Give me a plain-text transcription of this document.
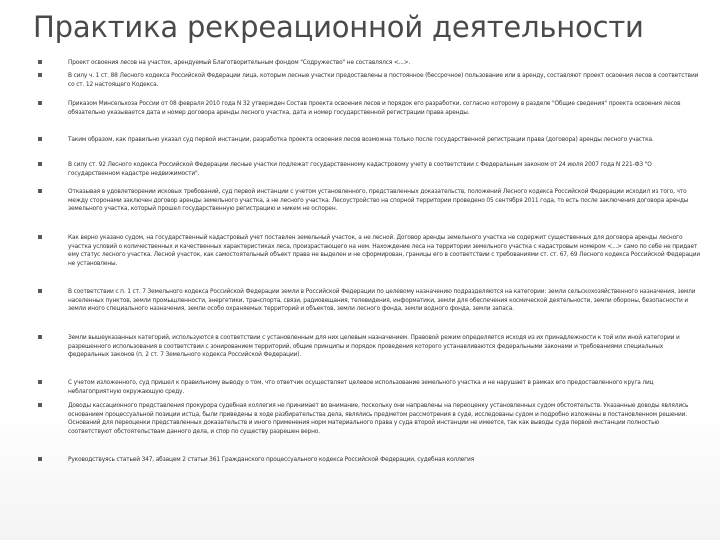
Практика рекреационной деятельности
Проект освоения лесов на участок, арендуемый Благотворительным фондом "Содружество" не составлялся <...>.
В силу ч. 1 ст. 88 Лесного кодекса Российской Федерации лица, которым лесные участки предоставлены в постоянное (бессрочное) пользование или в аренду, составляют проект освоения лесов в соответствии со ст. 12 настоящего Кодекса.
Приказом Минсельхоза России от 08 февраля 2010 года N 32 утвержден Состав проекта освоения лесов и порядок его разработки, согласно которому в разделе "Общие сведения" проекта освоения лесов обязательно указывается дата и номер договора аренды лесного участка, дата и номер государственной регистрации права аренды.
Таким образом, как правильно указал суд первой инстанции, разработка проекта освоения лесов возможна только после государственной регистрации права (договора) аренды лесного участка.
В силу ст. 92 Лесного кодекса Российской Федерации лесные участки подлежат государственному кадастровому учету в соответствии с Федеральным законом от 24 июля 2007 года N 221-ФЗ "О государственном кадастре недвижимости".
Отказывая в удовлетворении исковых требований, суд первой инстанции с учетом установленного, представленных доказательств, положений Лесного кодекса Российской Федерации исходил из того, что между сторонами заключен договор аренды земельного участка, а не лесного участка. Лесоустройство на спорной территории проведено 05 сентября 2011 года, то есть после заключения договора аренды земельного участка, который прошел государственную регистрацию и никем не оспорен.
Как верно указано судом, на государственный кадастровый учет поставлен земельный участок, а не лесной. Договор аренды земельного участка не содержит существенных для договора аренды лесного участка условий о количественных и качественных характеристиках леса, произрастающего на нем. Нахождение леса на территории земельного участка с кадастровым номером <...> само по себе не придает ему статус лесного участка. Лесной участок, как самостоятельный объект права не выделен и не сформирован, границы его в соответствии с требованиями ст. ст. 67, 69 Лесного кодекса Российской Федерации не установлены.
В соответствии с п. 1 ст. 7 Земельного кодекса Российской Федерации земли в Российской Федерации по целевому назначению подразделяются на категории: земли сельскохозяйственного назначения, земли населенных пунктов, земли промышленности, энергетики, транспорта, связи, радиовещания, телевидения, информатики, земли для обеспечения космической деятельности, земли обороны, безопасности и земли иного специального назначения, земли особо охраняемых территорий и объектов, земли лесного фонда, земли водного фонда, земли запаса.
Земли вышеуказанных категорий, используются в соответствии с установленным для них целевым назначением. Правовой режим определяется исходя из их принадлежности к той или иной категории и разрешенного использования в соответствии с зонированием территорий, общие принципы и порядок проведения которого устанавливаются федеральными законами и требованиями специальных федеральных законов (п. 2 ст. 7 Земельного кодекса Российской Федерации).
С учетом изложенного, суд пришел к правильному выводу о том, что ответчик осуществляет целевое использование земельного участка и не нарушает в рамках его предоставленного круга лиц неблагоприятную окружающую среду.
Доводы кассационного представления прокурора судебная коллегия не принимает во внимание, поскольку они направлены на переоценку установленных судом обстоятельств. Указанные доводы являлись основанием процессуальной позиции истца, были приведены в ходе разбирательства дела, являлись предметом рассмотрения в суде, исследованы судом и подробно изложены в постановленном решении. Оснований для переоценки представленных доказательств и иного применения норм материального права у суда второй инстанции не имеется, так как выводы суда первой инстанции полностью соответствуют обстоятельствам данного дела, и спор по существу разрешен верно.
Руководствуясь статьей 347, абзацем 2 статьи 361 Гражданского процессуального кодекса Российской Федерации, судебная коллегия
